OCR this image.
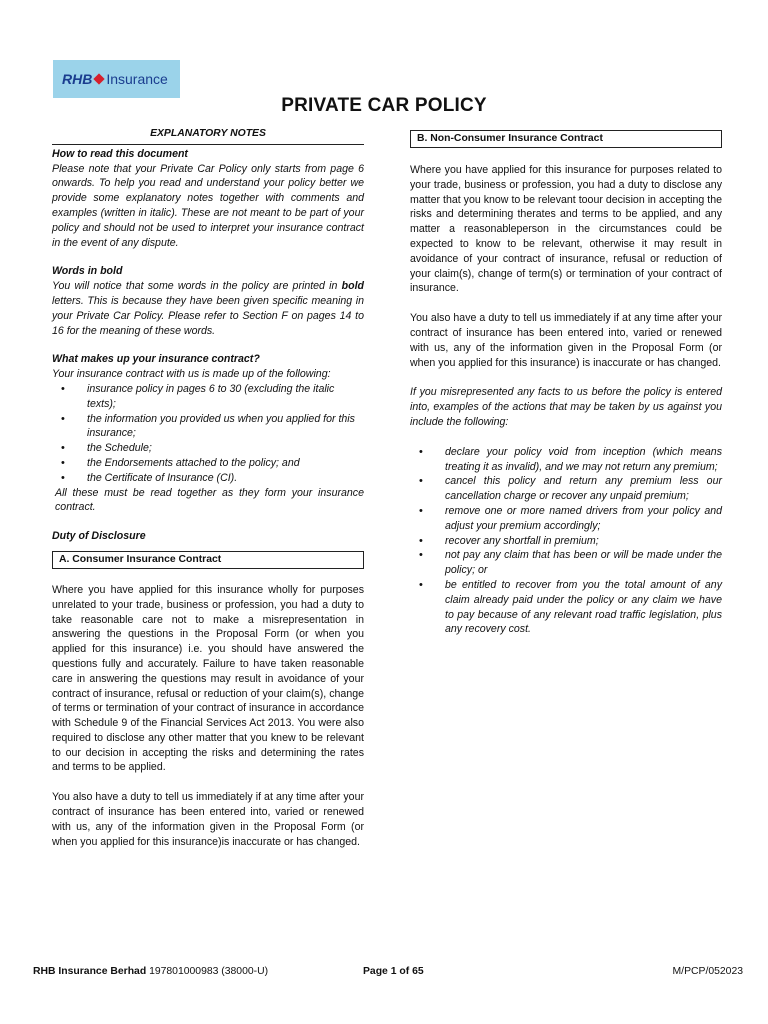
RHB Insurance
PRIVATE CAR POLICY
EXPLANATORY NOTES

How to read this document

Please note that your Private Car Policy only starts from page 6 onwards. To help you read and understand your policy better we provide some explanatory notes together with comments and examples (written in italic). These are not meant to be part of your policy and should not be used to interpret your insurance contract in the event of any dispute.

Words in bold

You will notice that some words in the policy are printed in bold letters. This is because they have been given specific meaning in your Private Car Policy. Please refer to Section F on pages 14 to 16 for the meaning of these words.

What makes up your insurance contract?

Your insurance contract with us is made up of the following:

• insurance policy in pages 6 to 30 (excluding the italic texts);
• the information you provided us when you applied for this insurance;
• the Schedule;
• the Endorsements attached to the policy; and
• the Certificate of Insurance (CI).

All these must be read together as they form your insurance contract.

Duty of Disclosure

A. Consumer Insurance Contract

Where you have applied for this insurance wholly for purposes unrelated to your trade, business or profession, you had a duty to take reasonable care not to make a misrepresentation in answering the questions in the Proposal Form (or when you applied for this insurance) i.e. you should have answered the questions fully and accurately. Failure to have taken reasonable care in answering the questions may result in avoidance of your contract of insurance, refusal or reduction of your claim(s), change of terms or termination of your contract of insurance in accordance with Schedule 9 of the Financial Services Act 2013. You were also required to disclose any other matter that you knew to be relevant to our decision in accepting the risks and determining the rates and terms to be applied.

You also have a duty to tell us immediately if at any time after your contract of insurance has been entered into, varied or renewed with us, any of the information given in the Proposal Form (or when you applied for this insurance)is inaccurate or has changed.

B. Non-Consumer Insurance Contract

Where you have applied for this insurance for purposes related to your trade, business or profession, you had a duty to disclose any matter that you know to be relevant toour decision in accepting the risks and determining therates and terms to be applied, and any matter a reasonableperson in the circumstances could be expected to know to be relevant, otherwise it may result in avoidance of your contract of insurance, refusal or reduction of your claim(s), change of term(s) or termination of your contract of insurance.

You also have a duty to tell us immediately if at any time after your contract of insurance has been entered into, varied or renewed with us, any of the information given in the Proposal Form (or when you applied for this insurance) is inaccurate or has changed.

If you misrepresented any facts to us before the policy is entered into, examples of the actions that may be taken by us against you include the following:

• declare your policy void from inception (which means treating it as invalid), and we may not return any premium;
• cancel this policy and return any premium less our cancellation charge or recover any unpaid premium;
• remove one or more named drivers from your policy and adjust your premium accordingly;
• recover any shortfall in premium;
• not pay any claim that has been or will be made under the policy; or
• be entitled to recover from you the total amount of any claim already paid under the policy or any claim we have to pay because of any relevant road traffic legislation, plus any recovery cost.
RHB Insurance Berhad 197801000983 (38000-U)	Page 1 of 65	M/PCP/052023
